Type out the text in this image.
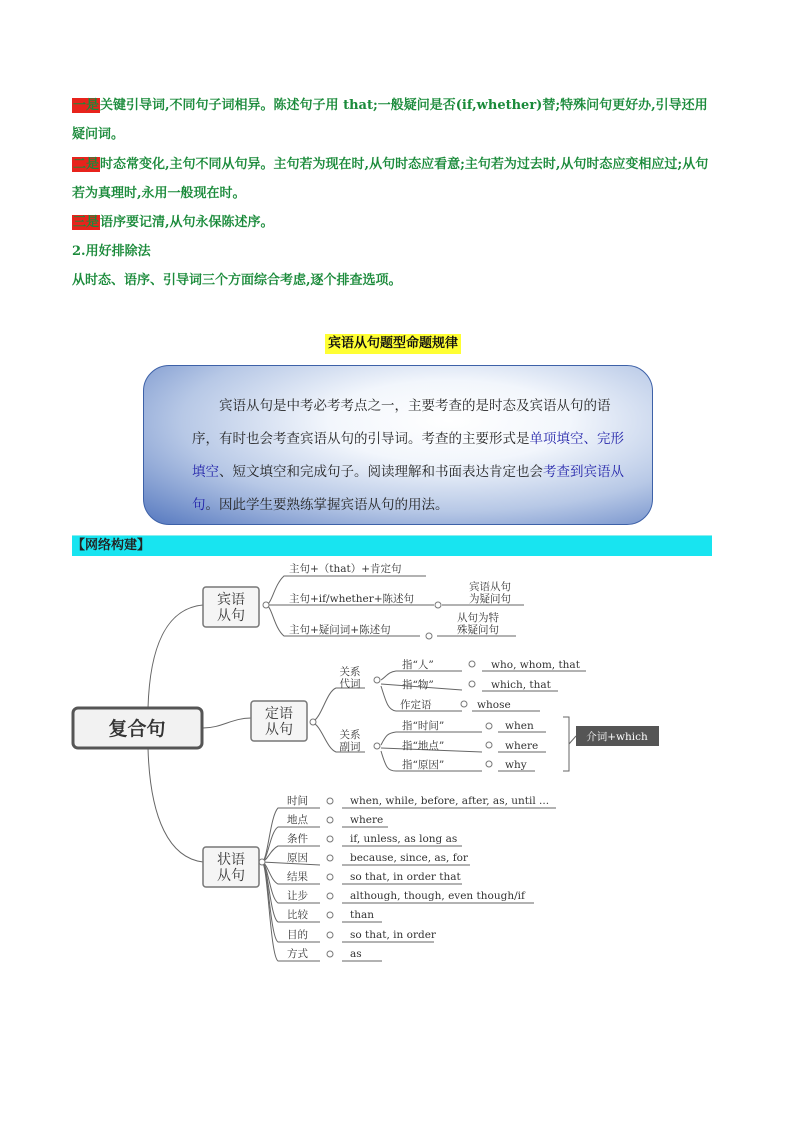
一是关键引导词,不同句子词相异。陈述句子用 that;一般疑问是否(if,whether)替;特殊问句更好办,引导还用疑问词。
二是时态常变化,主句不同从句异。主句若为现在时,从句时态应看意;主句若为过去时,从句时态应变相应过;从句若为真理时,永用一般现在时。
三是语序要记清,从句永保陈述序。
2.用好排除法
从时态、语序、引导词三个方面综合考虑,逐个排查选项。
宾语从句题型命题规律

宾语从句是中考必考考点之一，主要考查的是时态及宾语从句的语序，有时也会考查宾语从句的引导词。考查的主要形式是单项填空、完形填空、短文填空和完成句子。阅读理解和书面表达肯定也会考查到宾语从句。因此学生要熟练掌握宾语从句的用法。

【网络构建】
复合句
宾语
从句
主句+（that）+肯定句
主句+if/whether+陈述句
主句+疑问词+陈述句
宾语从句
为疑问句
从句为特
殊疑问句
定语
从句
关系
代词
关系
副词
指“人”
指“物”
作定语
who, whom, that
which, that
whose
指“时间”
指“地点”
指“原因”
when
where
why
介词+which
状语
从句
时间
地点
条件
原因
结果
让步
比较
目的
方式
when, while, before, after, as, until ...
where
if, unless, as long as
because, since, as, for
so that, in order that
although, though, even though/if
than
so that, in order
as
